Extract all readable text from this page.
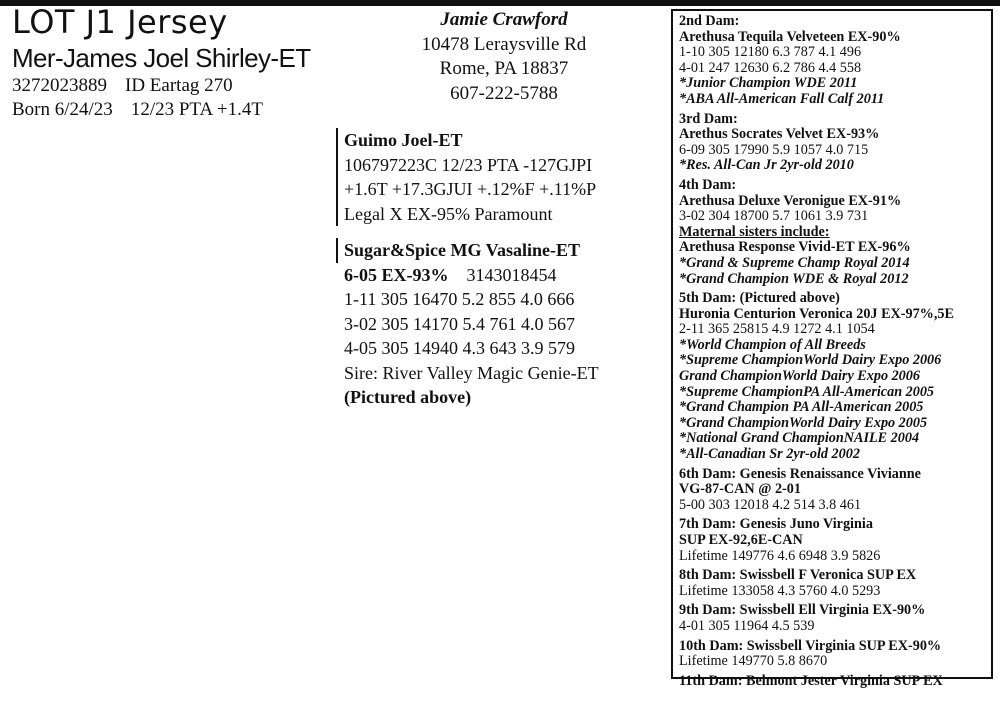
LOT J1 Jersey
Mer-James Joel Shirley-ET
3272023889 ID Eartag 270
Born 6/24/23 12/23 PTA +1.4T
Jamie Crawford
10478 Leraysville Rd
Rome, PA 18837
607-222-5788
Guimo Joel-ET
106797223C 12/23 PTA -127GJPI
+1.6T +17.3GJUI +.12%F +.11%P
Legal X EX-95% Paramount
Sugar&Spice MG Vasaline-ET
6-05 EX-93% 3143018454
1-11 305 16470 5.2 855 4.0 666
3-02 305 14170 5.4 761 4.0 567
4-05 305 14940 4.3 643 3.9 579
Sire: River Valley Magic Genie-ET
(Pictured above)
2nd Dam:
Arethusa Tequila Velveteen EX-90%
1-10 305 12180 6.3 787 4.1 496
4-01 247 12630 6.2 786 4.4 558
*Junior Champion WDE 2011
*ABA All-American Fall Calf 2011
3rd Dam:
Arethus Socrates Velvet EX-93%
6-09 305 17990 5.9 1057 4.0 715
*Res. All-Can Jr 2yr-old 2010
4th Dam:
Arethusa Deluxe Veronigue EX-91%
3-02 304 18700 5.7 1061 3.9 731
Maternal sisters include:
Arethusa Response Vivid-ET EX-96%
*Grand & Supreme Champ Royal 2014
*Grand Champion WDE & Royal 2012
5th Dam: (Pictured above)
Huronia Centurion Veronica 20J EX-97%,5E
2-11 365 25815 4.9 1272 4.1 1054
*World Champion of All Breeds
*Supreme ChampionWorld Dairy Expo 2006
Grand ChampionWorld Dairy Expo 2006
*Supreme ChampionPA All-American 2005
*Grand Champion PA All-American 2005
*Grand ChampionWorld Dairy Expo 2005
*National Grand ChampionNAILE 2004
*All-Canadian Sr 2yr-old 2002
6th Dam: Genesis Renaissance Vivianne
VG-87-CAN @ 2-01
5-00 303 12018 4.2 514 3.8 461
7th Dam: Genesis Juno Virginia
SUP EX-92,6E-CAN
Lifetime 149776 4.6 6948 3.9 5826
8th Dam: Swissbell F Veronica SUP EX
Lifetime 133058 4.3 5760 4.0 5293
9th Dam: Swissbell Ell Virginia EX-90%
4-01 305 11964 4.5 539
10th Dam: Swissbell Virginia SUP EX-90%
Lifetime 149770 5.8 8670
11th Dam: Belmont Jester Virginia SUP EX
